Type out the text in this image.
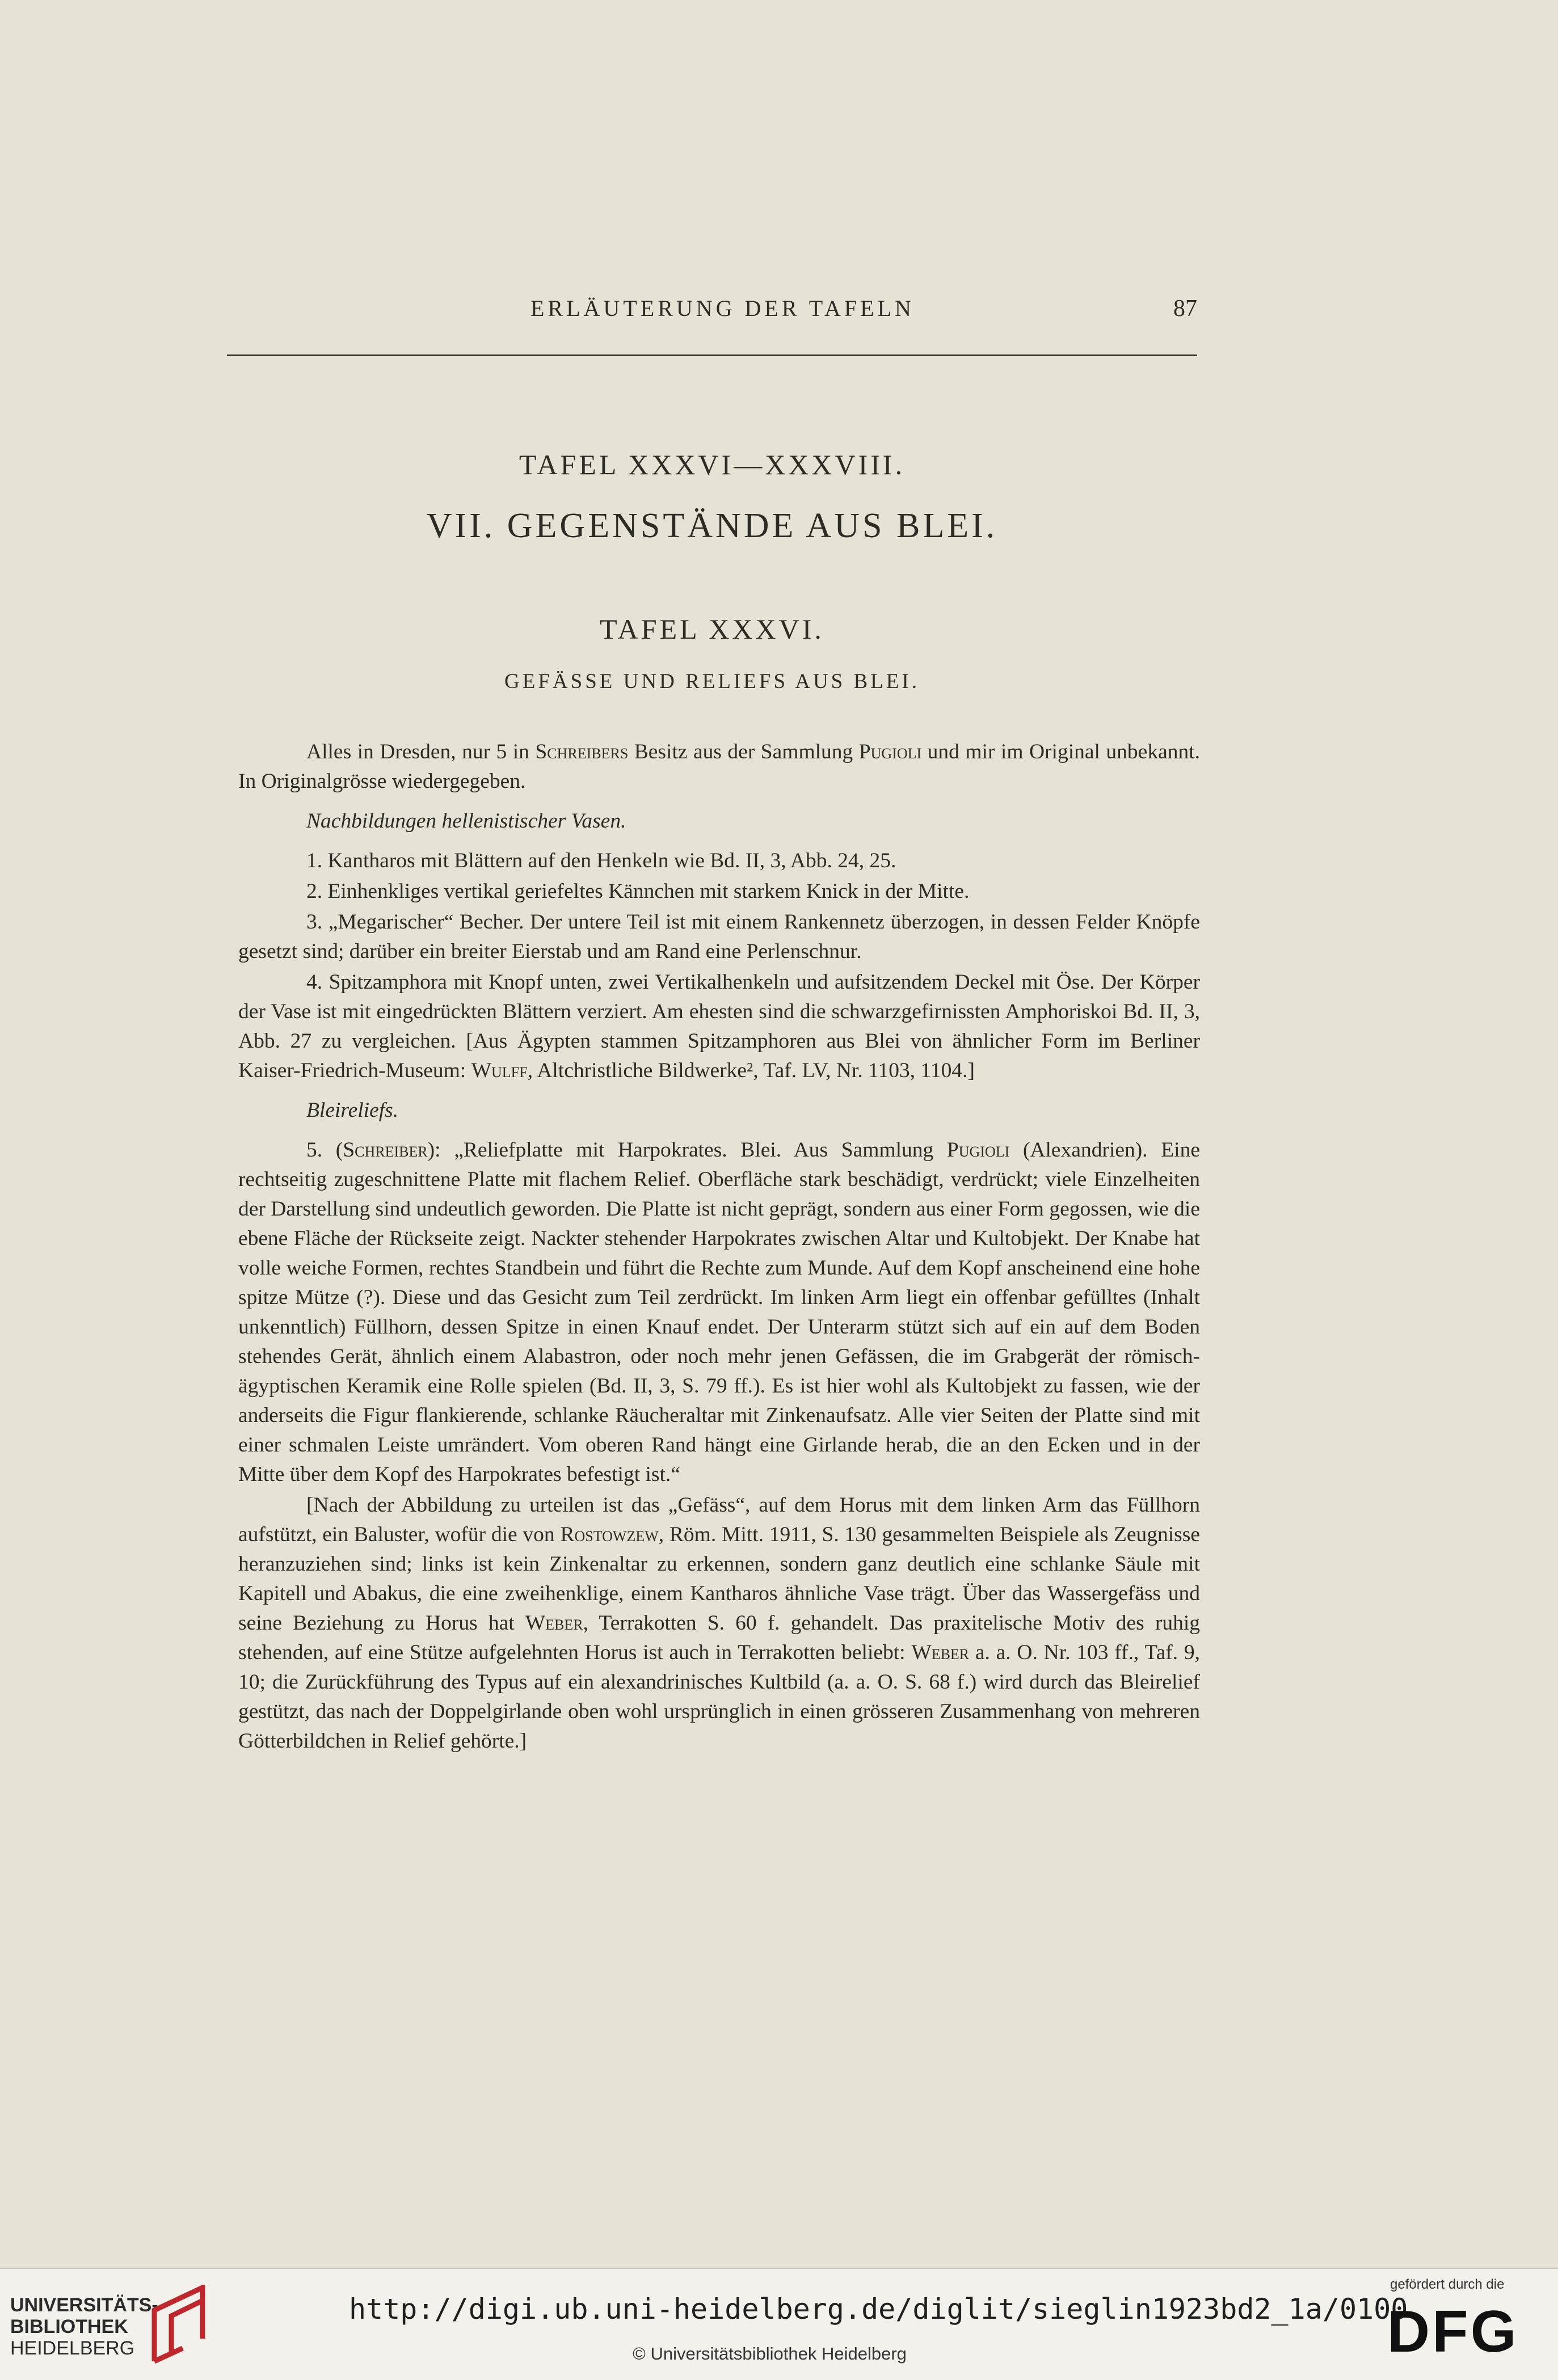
ERLÄUTERUNG DER TAFELN	87
TAFEL XXXVI—XXXVIII.
VII. GEGENSTÄNDE AUS BLEI.
TAFEL XXXVI.
GEFÄSSE UND RELIEFS AUS BLEI.

Alles in Dresden, nur 5 in Schreibers Besitz aus der Sammlung Pugioli und mir im Original unbekannt. In Originalgrösse wiedergegeben.

Nachbildungen hellenistischer Vasen.

1. Kantharos mit Blättern auf den Henkeln wie Bd. II, 3, Abb. 24, 25.

2. Einhenkliges vertikal geriefeltes Kännchen mit starkem Knick in der Mitte.

3. „Megarischer“ Becher. Der untere Teil ist mit einem Rankennetz überzogen, in dessen Felder Knöpfe gesetzt sind; darüber ein breiter Eierstab und am Rand eine Perlenschnur.

4. Spitzamphora mit Knopf unten, zwei Vertikalhenkeln und aufsitzendem Deckel mit Öse. Der Körper der Vase ist mit eingedrückten Blättern verziert. Am ehesten sind die schwarzgefirnissten Amphoriskoi Bd. II, 3, Abb. 27 zu vergleichen. [Aus Ägypten stammen Spitzamphoren aus Blei von ähnlicher Form im Berliner Kaiser-Friedrich-Museum: Wulff, Altchristliche Bildwerke², Taf. LV, Nr. 1103, 1104.]

Bleireliefs.

5. (Schreiber): „Reliefplatte mit Harpokrates. Blei. Aus Sammlung Pugioli (Alexandrien). Eine rechtseitig zugeschnittene Platte mit flachem Relief. Oberfläche stark beschädigt, verdrückt; viele Einzelheiten der Darstellung sind undeutlich geworden. Die Platte ist nicht geprägt, sondern aus einer Form gegossen, wie die ebene Fläche der Rückseite zeigt. Nackter stehender Harpokrates zwischen Altar und Kultobjekt. Der Knabe hat volle weiche Formen, rechtes Standbein und führt die Rechte zum Munde. Auf dem Kopf anscheinend eine hohe spitze Mütze (?). Diese und das Gesicht zum Teil zerdrückt. Im linken Arm liegt ein offenbar gefülltes (Inhalt unkenntlich) Füllhorn, dessen Spitze in einen Knauf endet. Der Unterarm stützt sich auf ein auf dem Boden stehendes Gerät, ähnlich einem Alabastron, oder noch mehr jenen Gefässen, die im Grabgerät der römisch-ägyptischen Keramik eine Rolle spielen (Bd. II, 3, S. 79 ff.). Es ist hier wohl als Kultobjekt zu fassen, wie der anderseits die Figur flankierende, schlanke Räucheraltar mit Zinkenaufsatz. Alle vier Seiten der Platte sind mit einer schmalen Leiste umrändert. Vom oberen Rand hängt eine Girlande herab, die an den Ecken und in der Mitte über dem Kopf des Harpokrates befestigt ist.“

[Nach der Abbildung zu urteilen ist das „Gefäss“, auf dem Horus mit dem linken Arm das Füllhorn aufstützt, ein Baluster, wofür die von Rostowzew, Röm. Mitt. 1911, S. 130 gesammelten Beispiele als Zeugnisse heranzuziehen sind; links ist kein Zinkenaltar zu erkennen, sondern ganz deutlich eine schlanke Säule mit Kapitell und Abakus, die eine zweihenklige, einem Kantharos ähnliche Vase trägt. Über das Wassergefäss und seine Beziehung zu Horus hat Weber, Terrakotten S. 60 f. gehandelt. Das praxitelische Motiv des ruhig stehenden, auf eine Stütze aufgelehnten Horus ist auch in Terrakotten beliebt: Weber a. a. O. Nr. 103 ff., Taf. 9, 10; die Zurückführung des Typus auf ein alexandrinisches Kultbild (a. a. O. S. 68 f.) wird durch das Bleirelief gestützt, das nach der Doppelgirlande oben wohl ursprünglich in einen grösseren Zusammenhang von mehreren Götterbildchen in Relief gehörte.]

UNIVERSITÄTS-
BIBLIOTHEK
HEIDELBERG
http://digi.ub.uni-heidelberg.de/diglit/sieglin1923bd2_1a/0100
© Universitätsbibliothek Heidelberg
gefördert durch die
DFG
